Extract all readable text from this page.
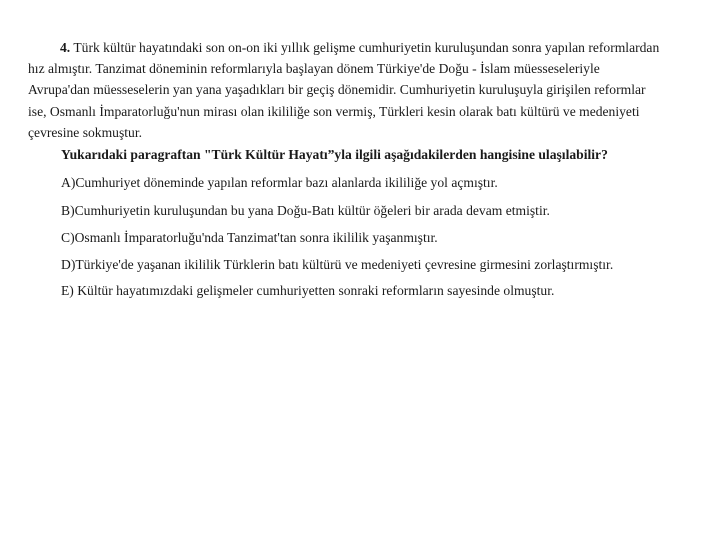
4. Türk kültür hayatındaki son on-on iki yıllık gelişme cumhuriyetin kuruluşundan sonra yapılan reformlardan hız almıştır. Tanzimat döneminin reformlarıyla başlayan dönem Türkiye'de Doğu - İslam müesseseleriyle Avrupa'dan müesseselerin yan yana yaşadıkları bir geçiş dönemidir. Cumhuriyetin kuruluşuyla girişilen reformlar ise, Osmanlı İmparatorluğu'nun mirası olan ikililiğe son vermiş, Türkleri kesin olarak batı kültürü ve medeniyeti çevresine sokmuştur.

Yukarıdaki paragraftan "Türk Kültür Hayatı”yla ilgili aşağıdakilerden hangisine ulaşılabilir?

A)Cumhuriyet döneminde yapılan reformlar bazı alanlarda ikililiğe yol açmıştır.

B)Cumhuriyetin kuruluşundan bu yana Doğu-Batı kültür öğeleri bir arada devam etmiştir.

C)Osmanlı İmparatorluğu'nda Tanzimat'tan sonra ikililik yaşanmıştır.

D)Türkiye'de yaşanan ikililik Türklerin batı kültürü ve medeniyeti çevresine girmesini zorlaştırmıştır.

E) Kültür hayatımızdaki gelişmeler cumhuriyetten sonraki reformların sayesinde olmuştur.
